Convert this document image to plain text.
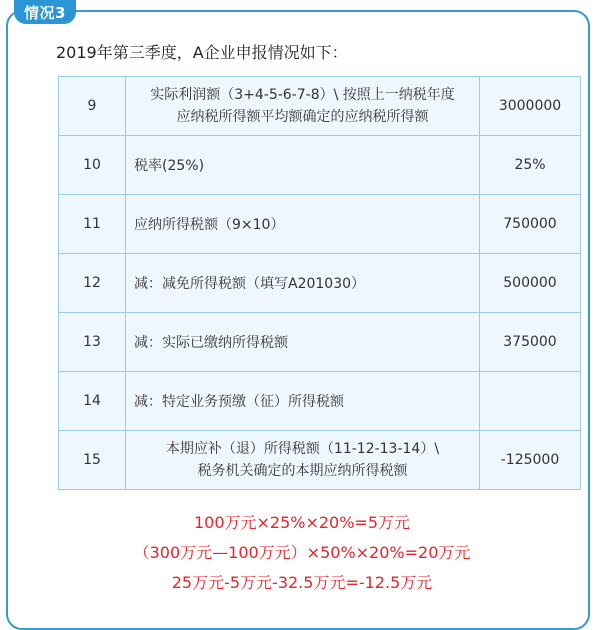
情况3
2019年第三季度，A企业申报情况如下：
9	实际利润额（3+4-5-6-7-8）\ 按照上一纳税年度
应纳税所得额平均额确定的应纳税所得额	3000000
10	税率(25%)	25%
11	应纳所得税额（9×10）	750000
12	减：减免所得税额（填写A201030）	500000
13	减：实际已缴纳所得税额	375000
14	减：特定业务预缴（征）所得税额	
15	本期应补（退）所得税额（11-12-13-14）\
税务机关确定的本期应纳所得税额	-125000
100万元×25%×20%=5万元
（300万元—100万元）×50%×20%=20万元
25万元-5万元-32.5万元=-12.5万元
